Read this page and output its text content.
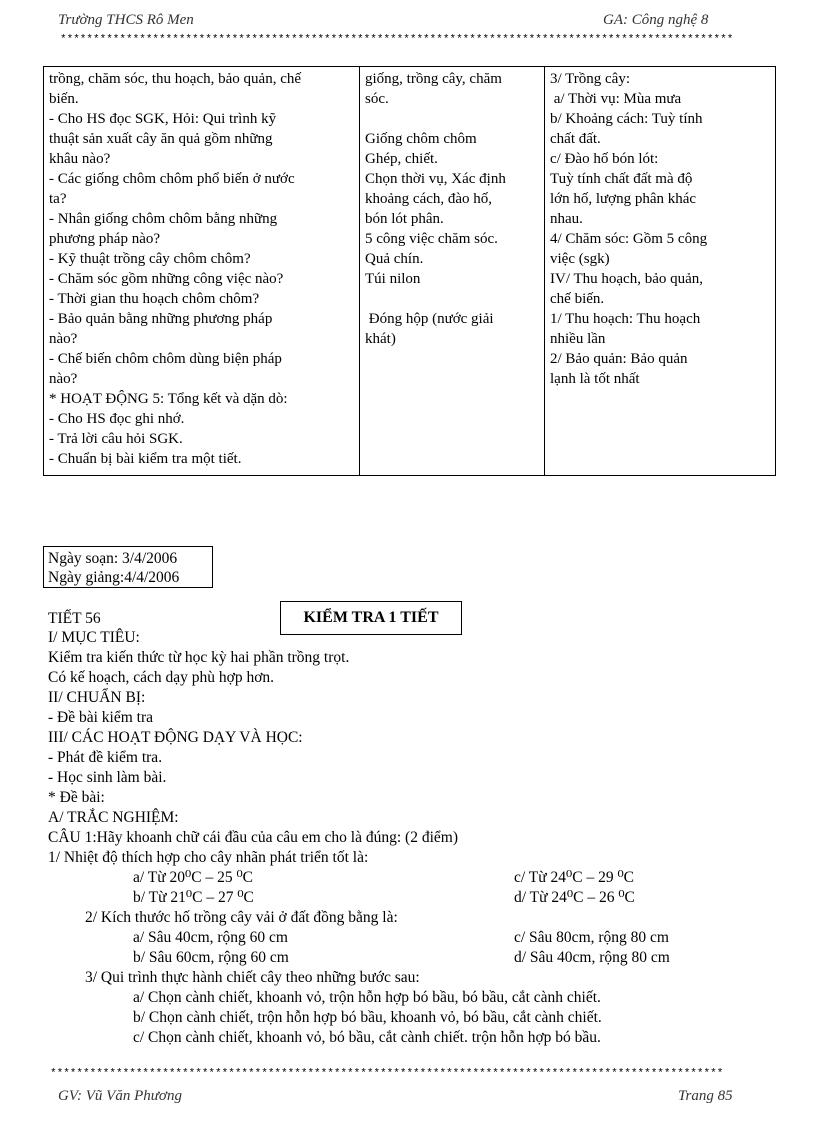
Trường THCS Rô Men	GA: Công nghệ 8
******************************************************************************************************
trồng, chăm sóc, thu hoạch, bảo quản, chế
biến.
- Cho HS đọc SGK, Hỏi: Qui trình kỹ
thuật sản xuất cây ăn quả gồm những
khâu nào?
- Các giống chôm chôm phổ biến ở nước
ta?
- Nhân giống chôm chôm bằng những
phương pháp nào?
- Kỹ thuật trồng cây chôm chôm?
- Chăm sóc gồm những công việc nào?
- Thời gian thu hoạch chôm chôm?
- Bảo quản bằng những phương pháp
nào?
- Chế biến chôm chôm dùng biện pháp
nào?
* HOẠT ĐỘNG 5: Tổng kết và dặn dò:
- Cho HS đọc ghi nhớ.
- Trả lời câu hỏi SGK.
- Chuẩn bị bài kiểm tra một tiết.

giống, trồng cây, chăm
sóc.
Giống chôm chôm
Ghép, chiết.
Chọn thời vụ, Xác định
khoảng cách, đào hố,
bón lót phân.
5 công việc chăm sóc.
Quả chín.
Túi nilon
Đóng hộp (nước giải
khát)

3/ Trồng cây:
a/ Thời vụ: Mùa mưa
b/ Khoảng cách: Tuỳ tính
chất đất.
c/ Đào hố bón lót:
Tuỳ tính chất đất mà độ
lớn hố, lượng phân khác
nhau.
4/ Chăm sóc: Gồm 5 công
việc (sgk)
IV/ Thu hoạch, bảo quản,
chế biến.
1/ Thu hoạch: Thu hoạch
nhiều lần
2/ Bảo quản: Bảo quản
lạnh là tốt nhất
Ngày soạn: 3/4/2006
Ngày giảng:4/4/2006
TIẾT 56	KIỂM TRA 1 TIẾT
I/ MỤC TIÊU:
Kiểm tra kiến thức từ học kỳ hai phần trồng trọt.
Có kế hoạch, cách dạy phù hợp hơn.
II/ CHUẨN BỊ:
- Đề bài kiểm tra
III/ CÁC HOẠT ĐỘNG DẠY VÀ HỌC:
- Phát đề kiểm tra.
- Học sinh làm bài.
* Đề bài:
A/ TRẮC NGHIỆM:
CÂU 1:Hãy khoanh chữ cái đầu của câu em cho là đúng: (2 điểm)
1/ Nhiệt độ thích hợp cho cây nhãn phát triển tốt là:
a/ Từ 20⁰C – 25 ⁰C	c/ Từ 24⁰C – 29 ⁰C
b/ Từ 21⁰C – 27 ⁰C	d/ Từ 24⁰C – 26 ⁰C
2/ Kích thước hố trồng cây vải ở đất đồng bằng là:
a/ Sâu 40cm, rộng 60 cm	c/ Sâu 80cm, rộng 80 cm
b/ Sâu 60cm, rộng 60 cm	d/ Sâu 40cm, rộng 80 cm
3/ Qui trình thực hành chiết cây theo những bước sau:
a/ Chọn cành chiết, khoanh vỏ, trộn hỗn hợp bó bầu, bó bầu, cắt cành chiết.
b/ Chọn cành chiết, trộn hỗn hợp bó bầu, khoanh vỏ, bó bầu, cắt cành chiết.
c/ Chọn cành chiết, khoanh vỏ, bó bầu, cắt cành chiết. trộn hỗn hợp bó bầu.
******************************************************************************************************
GV: Vũ Văn Phương	Trang 85
